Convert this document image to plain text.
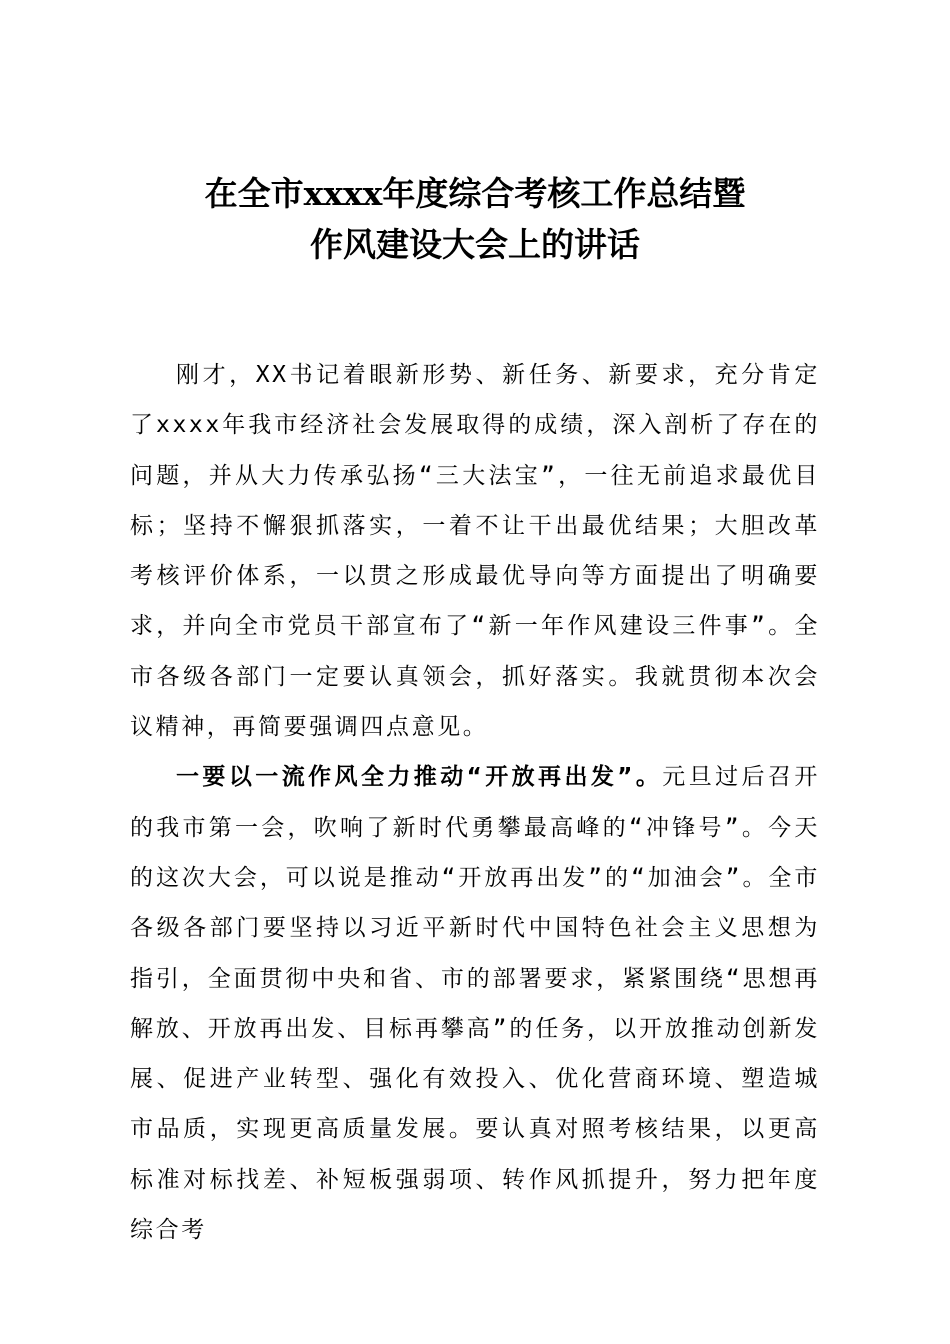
在全市xxxx年度综合考核工作总结暨
作风建设大会上的讲话

刚才，XX书记着眼新形势、新任务、新要求，充分肯定了xxxx年我市经济社会发展取得的成绩，深入剖析了存在的问题，并从大力传承弘扬“三大法宝”，一往无前追求最优目标；坚持不懈狠抓落实，一着不让干出最优结果；大胆改革考核评价体系，一以贯之形成最优导向等方面提出了明确要求，并向全市党员干部宣布了“新一年作风建设三件事”。全市各级各部门一定要认真领会，抓好落实。我就贯彻本次会议精神，再简要强调四点意见。

一要以一流作风全力推动“开放再出发”。元旦过后召开的我市第一会，吹响了新时代勇攀最高峰的“冲锋号”。今天的这次大会，可以说是推动“开放再出发”的“加油会”。全市各级各部门要坚持以习近平新时代中国特色社会主义思想为指引，全面贯彻中央和省、市的部署要求，紧紧围绕“思想再解放、开放再出发、目标再攀高”的任务，以开放推动创新发展、促进产业转型、强化有效投入、优化营商环境、塑造城市品质，实现更高质量发展。要认真对照考核结果，以更高标准对标找差、补短板强弱项、转作风抓提升，努力把年度综合考
